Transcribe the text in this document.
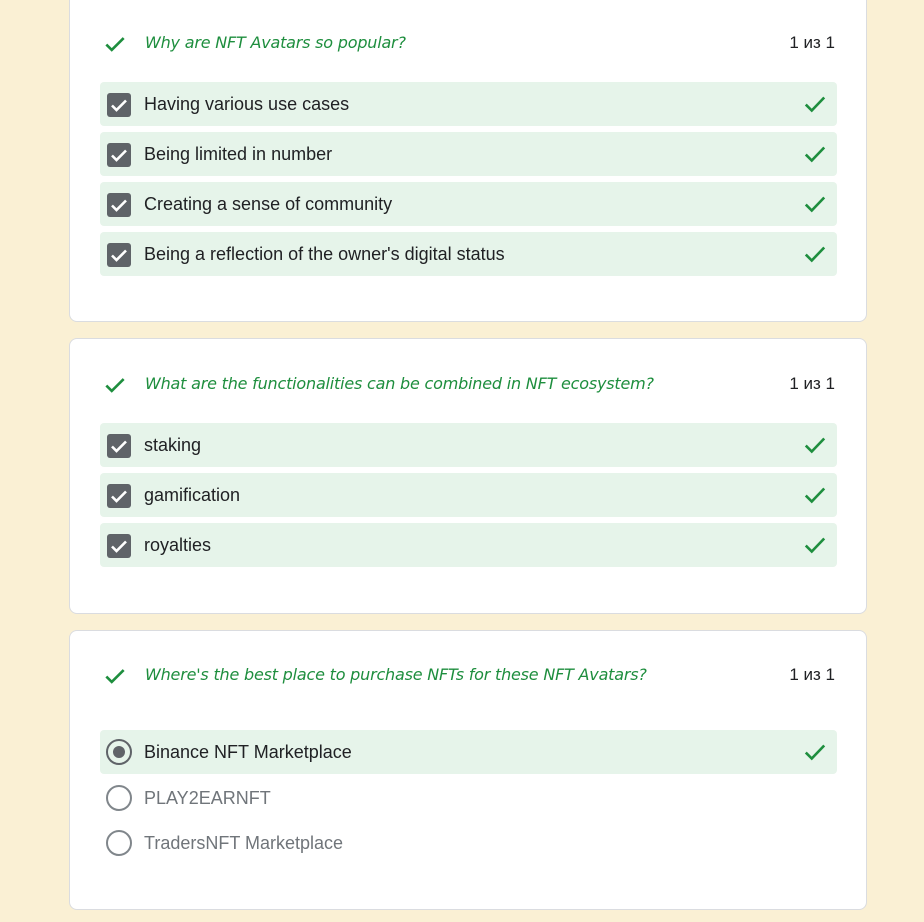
Why are NFT Avatars so popular?	1 из 1
Having various use cases
Being limited in number
Creating a sense of community
Being a reflection of the owner's digital status
What are the functionalities can be combined in NFT ecosystem?	1 из 1
staking
gamification
royalties
Where's the best place to purchase NFTs for these NFT Avatars?	1 из 1
Binance NFT Marketplace
PLAY2EARNFT
TradersNFT Marketplace
